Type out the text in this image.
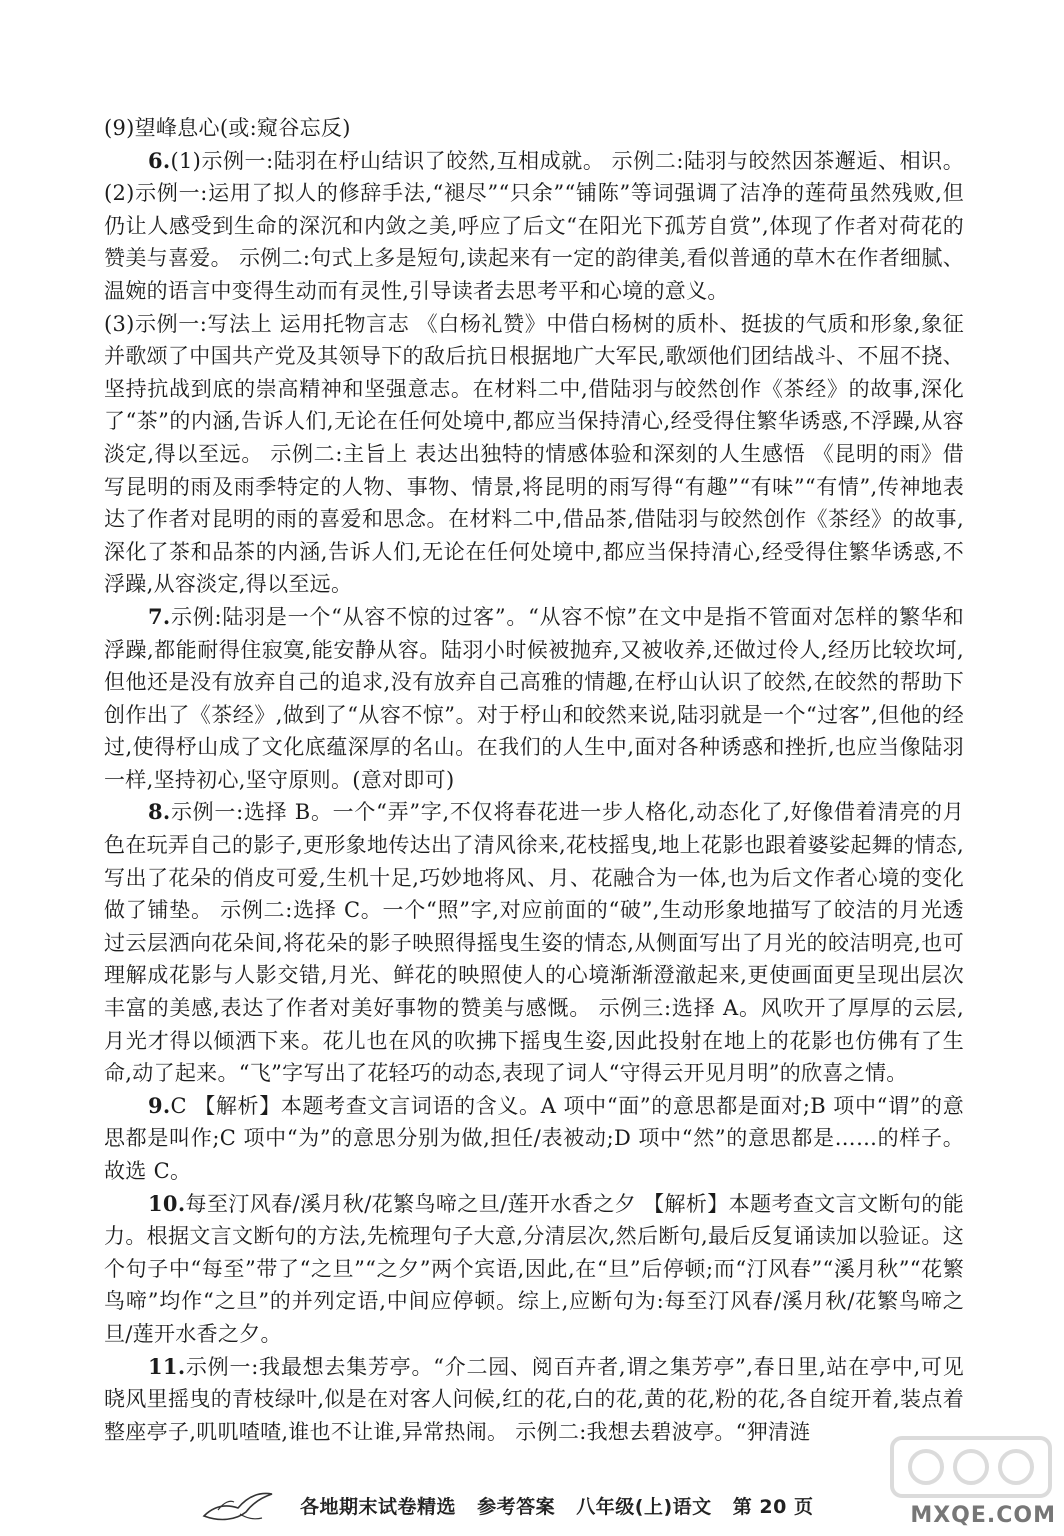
(9)望峰息心(或:窥谷忘反)

6.(1)示例一:陆羽在杼山结识了皎然,互相成就。 示例二:陆羽与皎然因茶邂逅、相识。 (2)示例一:运用了拟人的修辞手法,“褪尽”“只余”“铺陈”等词强调了洁净的莲荷虽然残败,但仍让人感受到生命的深沉和内敛之美,呼应了后文“在阳光下孤芳自赏”,体现了作者对荷花的赞美与喜爱。 示例二:句式上多是短句,读起来有一定的韵律美,看似普通的草木在作者细腻、温婉的语言中变得生动而有灵性,引导读者去思考平和心境的意义。

(3)示例一:写法上 运用托物言志 《白杨礼赞》中借白杨树的质朴、挺拔的气质和形象,象征并歌颂了中国共产党及其领导下的敌后抗日根据地广大军民,歌颂他们团结战斗、不屈不挠、坚持抗战到底的崇高精神和坚强意志。在材料二中,借陆羽与皎然创作《茶经》的故事,深化了“茶”的内涵,告诉人们,无论在任何处境中,都应当保持清心,经受得住繁华诱惑,不浮躁,从容淡定,得以至远。 示例二:主旨上 表达出独特的情感体验和深刻的人生感悟 《昆明的雨》借写昆明的雨及雨季特定的人物、事物、情景,将昆明的雨写得“有趣”“有味”“有情”,传神地表达了作者对昆明的雨的喜爱和思念。在材料二中,借品茶,借陆羽与皎然创作《茶经》的故事,深化了茶和品茶的内涵,告诉人们,无论在任何处境中,都应当保持清心,经受得住繁华诱惑,不浮躁,从容淡定,得以至远。

7.示例:陆羽是一个“从容不惊的过客”。“从容不惊”在文中是指不管面对怎样的繁华和浮躁,都能耐得住寂寞,能安静从容。陆羽小时候被抛弃,又被收养,还做过伶人,经历比较坎坷,但他还是没有放弃自己的追求,没有放弃自己高雅的情趣,在杼山认识了皎然,在皎然的帮助下创作出了《茶经》,做到了“从容不惊”。对于杼山和皎然来说,陆羽就是一个“过客”,但他的经过,使得杼山成了文化底蕴深厚的名山。在我们的人生中,面对各种诱惑和挫折,也应当像陆羽一样,坚持初心,坚守原则。(意对即可)

8.示例一:选择 B。一个“弄”字,不仅将春花进一步人格化,动态化了,好像借着清亮的月色在玩弄自己的影子,更形象地传达出了清风徐来,花枝摇曳,地上花影也跟着婆娑起舞的情态,写出了花朵的俏皮可爱,生机十足,巧妙地将风、月、花融合为一体,也为后文作者心境的变化做了铺垫。 示例二:选择 C。一个“照”字,对应前面的“破”,生动形象地描写了皎洁的月光透过云层洒向花朵间,将花朵的影子映照得摇曳生姿的情态,从侧面写出了月光的皎洁明亮,也可理解成花影与人影交错,月光、鲜花的映照使人的心境渐渐澄澈起来,更使画面更呈现出层次丰富的美感,表达了作者对美好事物的赞美与感慨。 示例三:选择 A。风吹开了厚厚的云层,月光才得以倾洒下来。花儿也在风的吹拂下摇曳生姿,因此投射在地上的花影也仿佛有了生命,动了起来。“飞”字写出了花轻巧的动态,表现了词人“守得云开见月明”的欣喜之情。

9.C 【解析】本题考查文言词语的含义。A 项中“面”的意思都是面对;B 项中“谓”的意思都是叫作;C 项中“为”的意思分别为做,担任/表被动;D 项中“然”的意思都是……的样子。故选 C。

10.每至汀风春/溪月秋/花繁鸟啼之旦/莲开水香之夕 【解析】本题考查文言文断句的能力。根据文言文断句的方法,先梳理句子大意,分清层次,然后断句,最后反复诵读加以验证。这个句子中“每至”带了“之旦”“之夕”两个宾语,因此,在“旦”后停顿;而“汀风春”“溪月秋”“花繁鸟啼”均作“之旦”的并列定语,中间应停顿。综上,应断句为:每至汀风春/溪月秋/花繁鸟啼之旦/莲开水香之夕。

11.示例一:我最想去集芳亭。“介二园、阅百卉者,谓之集芳亭”,春日里,站在亭中,可见晓风里摇曳的青枝绿叶,似是在对客人问候,红的花,白的花,黄的花,粉的花,各自绽开着,装点着整座亭子,叽叽喳喳,谁也不让谁,异常热闹。 示例二:我想去碧波亭。“狎清涟

各地期末试卷精选 参考答案 八年级(上)语文 第 20 页	MXQE.COM
